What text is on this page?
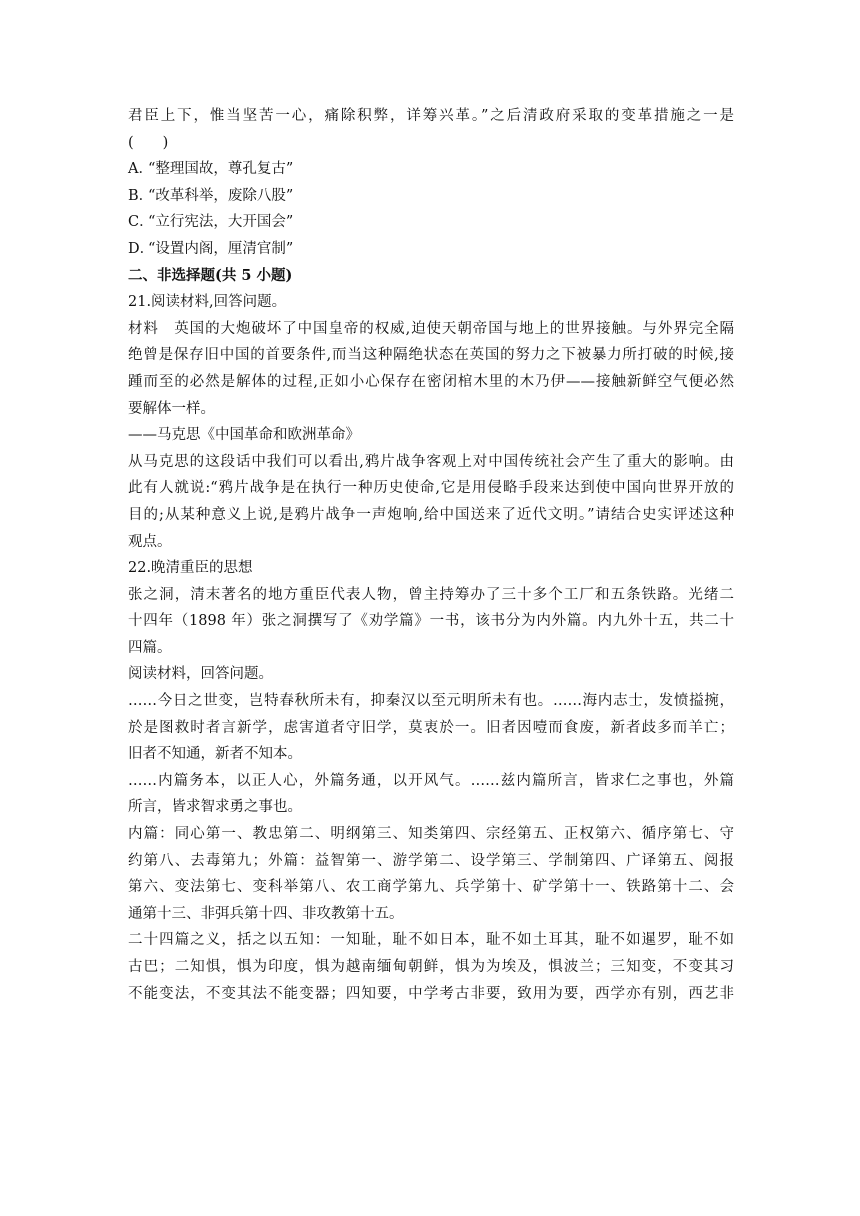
君臣上下，惟当坚苦一心，痛除积弊，详筹兴革。”之后清政府采取的变革措施之一是
(　　)
A．“整理国故，尊孔复古”
B．“改革科举，废除八股”
C．“立行宪法，大开国会”
D．“设置内阁，厘清官制”
二、非选择题(共 5 小题)
21.阅读材料,回答问题。
材料　英国的大炮破坏了中国皇帝的权威,迫使天朝帝国与地上的世界接触。与外界完全隔
绝曾是保存旧中国的首要条件,而当这种隔绝状态在英国的努力之下被暴力所打破的时候,接
踵而至的必然是解体的过程,正如小心保存在密闭棺木里的木乃伊——接触新鲜空气便必然
要解体一样。
——马克思《中国革命和欧洲革命》
从马克思的这段话中我们可以看出,鸦片战争客观上对中国传统社会产生了重大的影响。由
此有人就说:“鸦片战争是在执行一种历史使命,它是用侵略手段来达到使中国向世界开放的
目的;从某种意义上说,是鸦片战争一声炮响,给中国送来了近代文明。”请结合史实评述这种
观点。
22.晚清重臣的思想
张之洞，清末著名的地方重臣代表人物，曾主持筹办了三十多个工厂和五条铁路。光绪二
十四年（1898 年）张之洞撰写了《劝学篇》一书，该书分为内外篇。内九外十五，共二十
四篇。
阅读材料，回答问题。
……今日之世变，岂特春秋所未有，抑秦汉以至元明所未有也。……海内志士，发愤搤捥，
於是图救时者言新学，虑害道者守旧学，莫衷於一。旧者因噎而食废，新者歧多而羊亡；
旧者不知通，新者不知本。
……内篇务本，以正人心，外篇务通，以开风气。……兹内篇所言，皆求仁之事也，外篇
所言，皆求智求勇之事也。
内篇：同心第一、教忠第二、明纲第三、知类第四、宗经第五、正权第六、循序第七、守
约第八、去毒第九；外篇：益智第一、游学第二、设学第三、学制第四、广译第五、阅报
第六、变法第七、变科举第八、农工商学第九、兵学第十、矿学第十一、铁路第十二、会
通第十三、非弭兵第十四、非攻教第十五。
二十四篇之义，括之以五知：一知耻，耻不如日本，耻不如土耳其，耻不如暹罗，耻不如
古巴；二知惧，惧为印度，惧为越南缅甸朝鲜，惧为为埃及，惧波兰；三知变，不变其习
不能变法，不变其法不能变器；四知要，中学考古非要，致用为要，西学亦有别，西艺非
